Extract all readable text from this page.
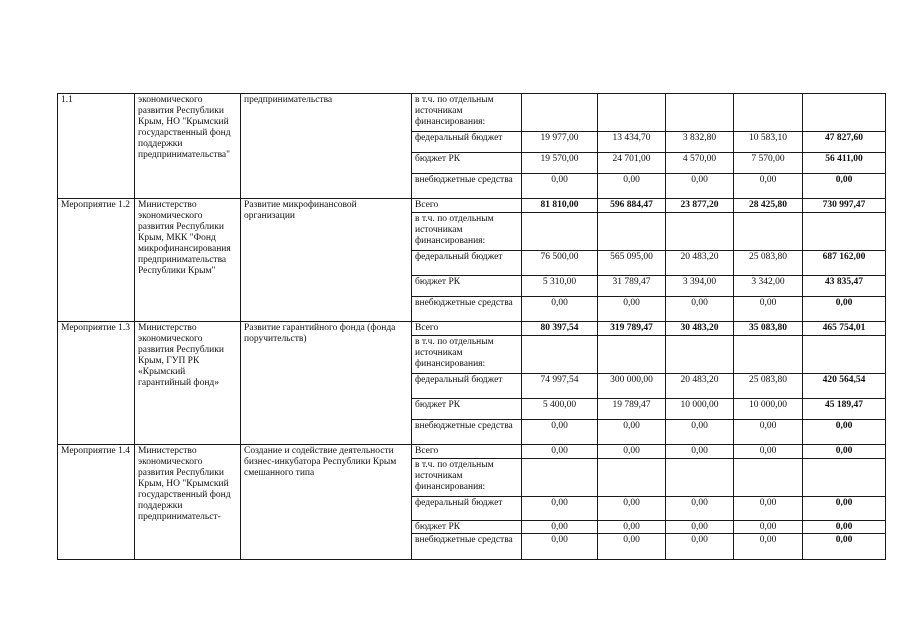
1.1	экономического развития Республики Крым, НО "Крымский государственный фонд поддержки предпринимательства"	предпринимательства	в т.ч. по отдельным источникам финансирования:					
			федеральный бюджет	19 977,00	13 434,70	3 832,80	10 583,10	47 827,60
			бюджет РК	19 570,00	24 701,00	4 570,00	7 570,00	56 411,00
			внебюджетные средства	0,00	0,00	0,00	0,00	0,00
Мероприятие 1.2	Министерство экономического развития Республики Крым, МКК "Фонд микрофинансирования предпринимательства Республики Крым"	Развитие микрофинансовой организации	Всего	81 810,00	596 884,47	23 877,20	28 425,80	730 997,47
			в т.ч. по отдельным источникам финансирования:					
			федеральный бюджет	76 500,00	565 095,00	20 483,20	25 083,80	687 162,00
			бюджет РК	5 310,00	31 789,47	3 394,00	3 342,00	43 835,47
			внебюджетные средства	0,00	0,00	0,00	0,00	0,00
Мероприятие 1.3	Министерство экономического развития Республики Крым, ГУП РК «Крымский гарантийный фонд»	Развитие гарантийного фонда (фонда поручительств)	Всего	80 397,54	319 789,47	30 483,20	35 083,80	465 754,01
			в т.ч. по отдельным источникам финансирования:					
			федеральный бюджет	74 997,54	300 000,00	20 483,20	25 083,80	420 564,54
			бюджет РК	5 400,00	19 789,47	10 000,00	10 000,00	45 189,47
			внебюджетные средства	0,00	0,00	0,00	0,00	0,00
Мероприятие 1.4	Министерство экономического развития Республики Крым, НО "Крымский государственный фонд поддержки предпринимательст-	Создание и содействие деятельности бизнес-инкубатора Республики Крым смешанного типа	Всего	0,00	0,00	0,00	0,00	0,00
			в т.ч. по отдельным источникам финансирования:					
			федеральный бюджет	0,00	0,00	0,00	0,00	0,00
			бюджет РК	0,00	0,00	0,00	0,00	0,00
			внебюджетные средства	0,00	0,00	0,00	0,00	0,00
